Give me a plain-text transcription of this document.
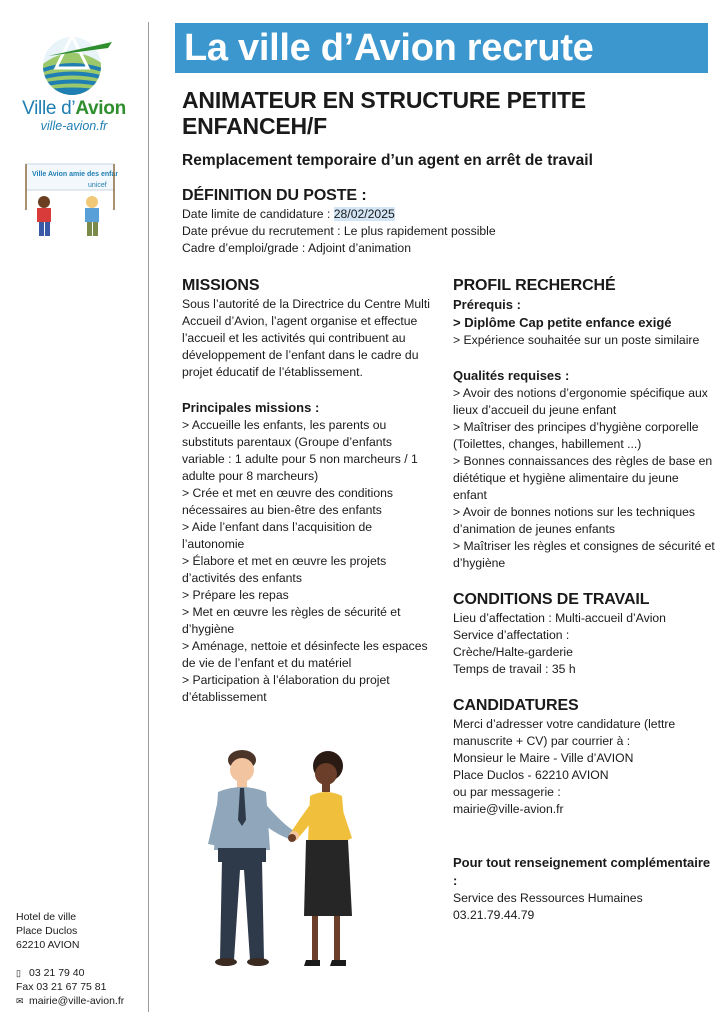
Ville d’Avion
ville-avion.fr
Ville Avion amie des enfants
unicef
Hotel de ville
Place Duclos
62210 AVION
▯ 03 21 79 40
Fax 03 21 67 75 81
✉ mairie@ville-avion.fr
La ville d’Avion recrute
ANIMATEUR EN STRUCTURE PETITE ENFANCEH/F
Remplacement temporaire d’un agent en arrêt de travail
DÉFINITION DU POSTE :
Date limite de candidature : 28/02/2025
Date prévue du recrutement : Le plus rapidement possible
Cadre d’emploi/grade : Adjoint d’animation
MISSIONS

Sous l’autorité de la Directrice du Centre Multi Accueil d’Avion, l’agent organise et effectue l’accueil et les activités qui contribuent au développement de l’enfant dans le cadre du projet éducatif de l’établissement.

Principales missions :
> Accueille les enfants, les parents ou substituts parentaux (Groupe d’enfants variable : 1 adulte pour 5 non marcheurs / 1 adulte pour 8 marcheurs)
> Crée et met en œuvre des conditions nécessaires au bien-être des enfants
> Aide l’enfant dans l’acquisition de l’autonomie
> Élabore et met en œuvre les projets d’activités des enfants
> Prépare les repas
> Met en œuvre les règles de sécurité et d’hygiène
> Aménage, nettoie et désinfecte les espaces de vie de l’enfant et du matériel
> Participation à l’élaboration du projet d’établissement
PROFIL RECHERCHÉ
Prérequis :
> Diplôme Cap petite enfance exigé
> Expérience souhaitée sur un poste similaire
Qualités requises :
> Avoir des notions d’ergonomie spécifique aux lieux d’accueil du jeune enfant
> Maîtriser des principes d’hygiène corporelle (Toilettes, changes, habillement ...)
> Bonnes connaissances des règles de base en diététique et hygiène alimentaire du jeune enfant
> Avoir de bonnes notions sur les techniques d’animation de jeunes enfants
> Maîtriser les règles et consignes de sécurité et d’hygiène
CONDITIONS DE TRAVAIL
Lieu d’affectation : Multi-accueil d’Avion
Service d’affectation :
Crèche/Halte-garderie
Temps de travail : 35 h
CANDIDATURES
Merci d’adresser votre candidature (lettre manuscrite + CV) par courrier à :
Monsieur le Maire - Ville d’AVION
Place Duclos - 62210 AVION
ou par messagerie :
mairie@ville-avion.fr
Pour tout renseignement complémentaire :
Service des Ressources Humaines
03.21.79.44.79
